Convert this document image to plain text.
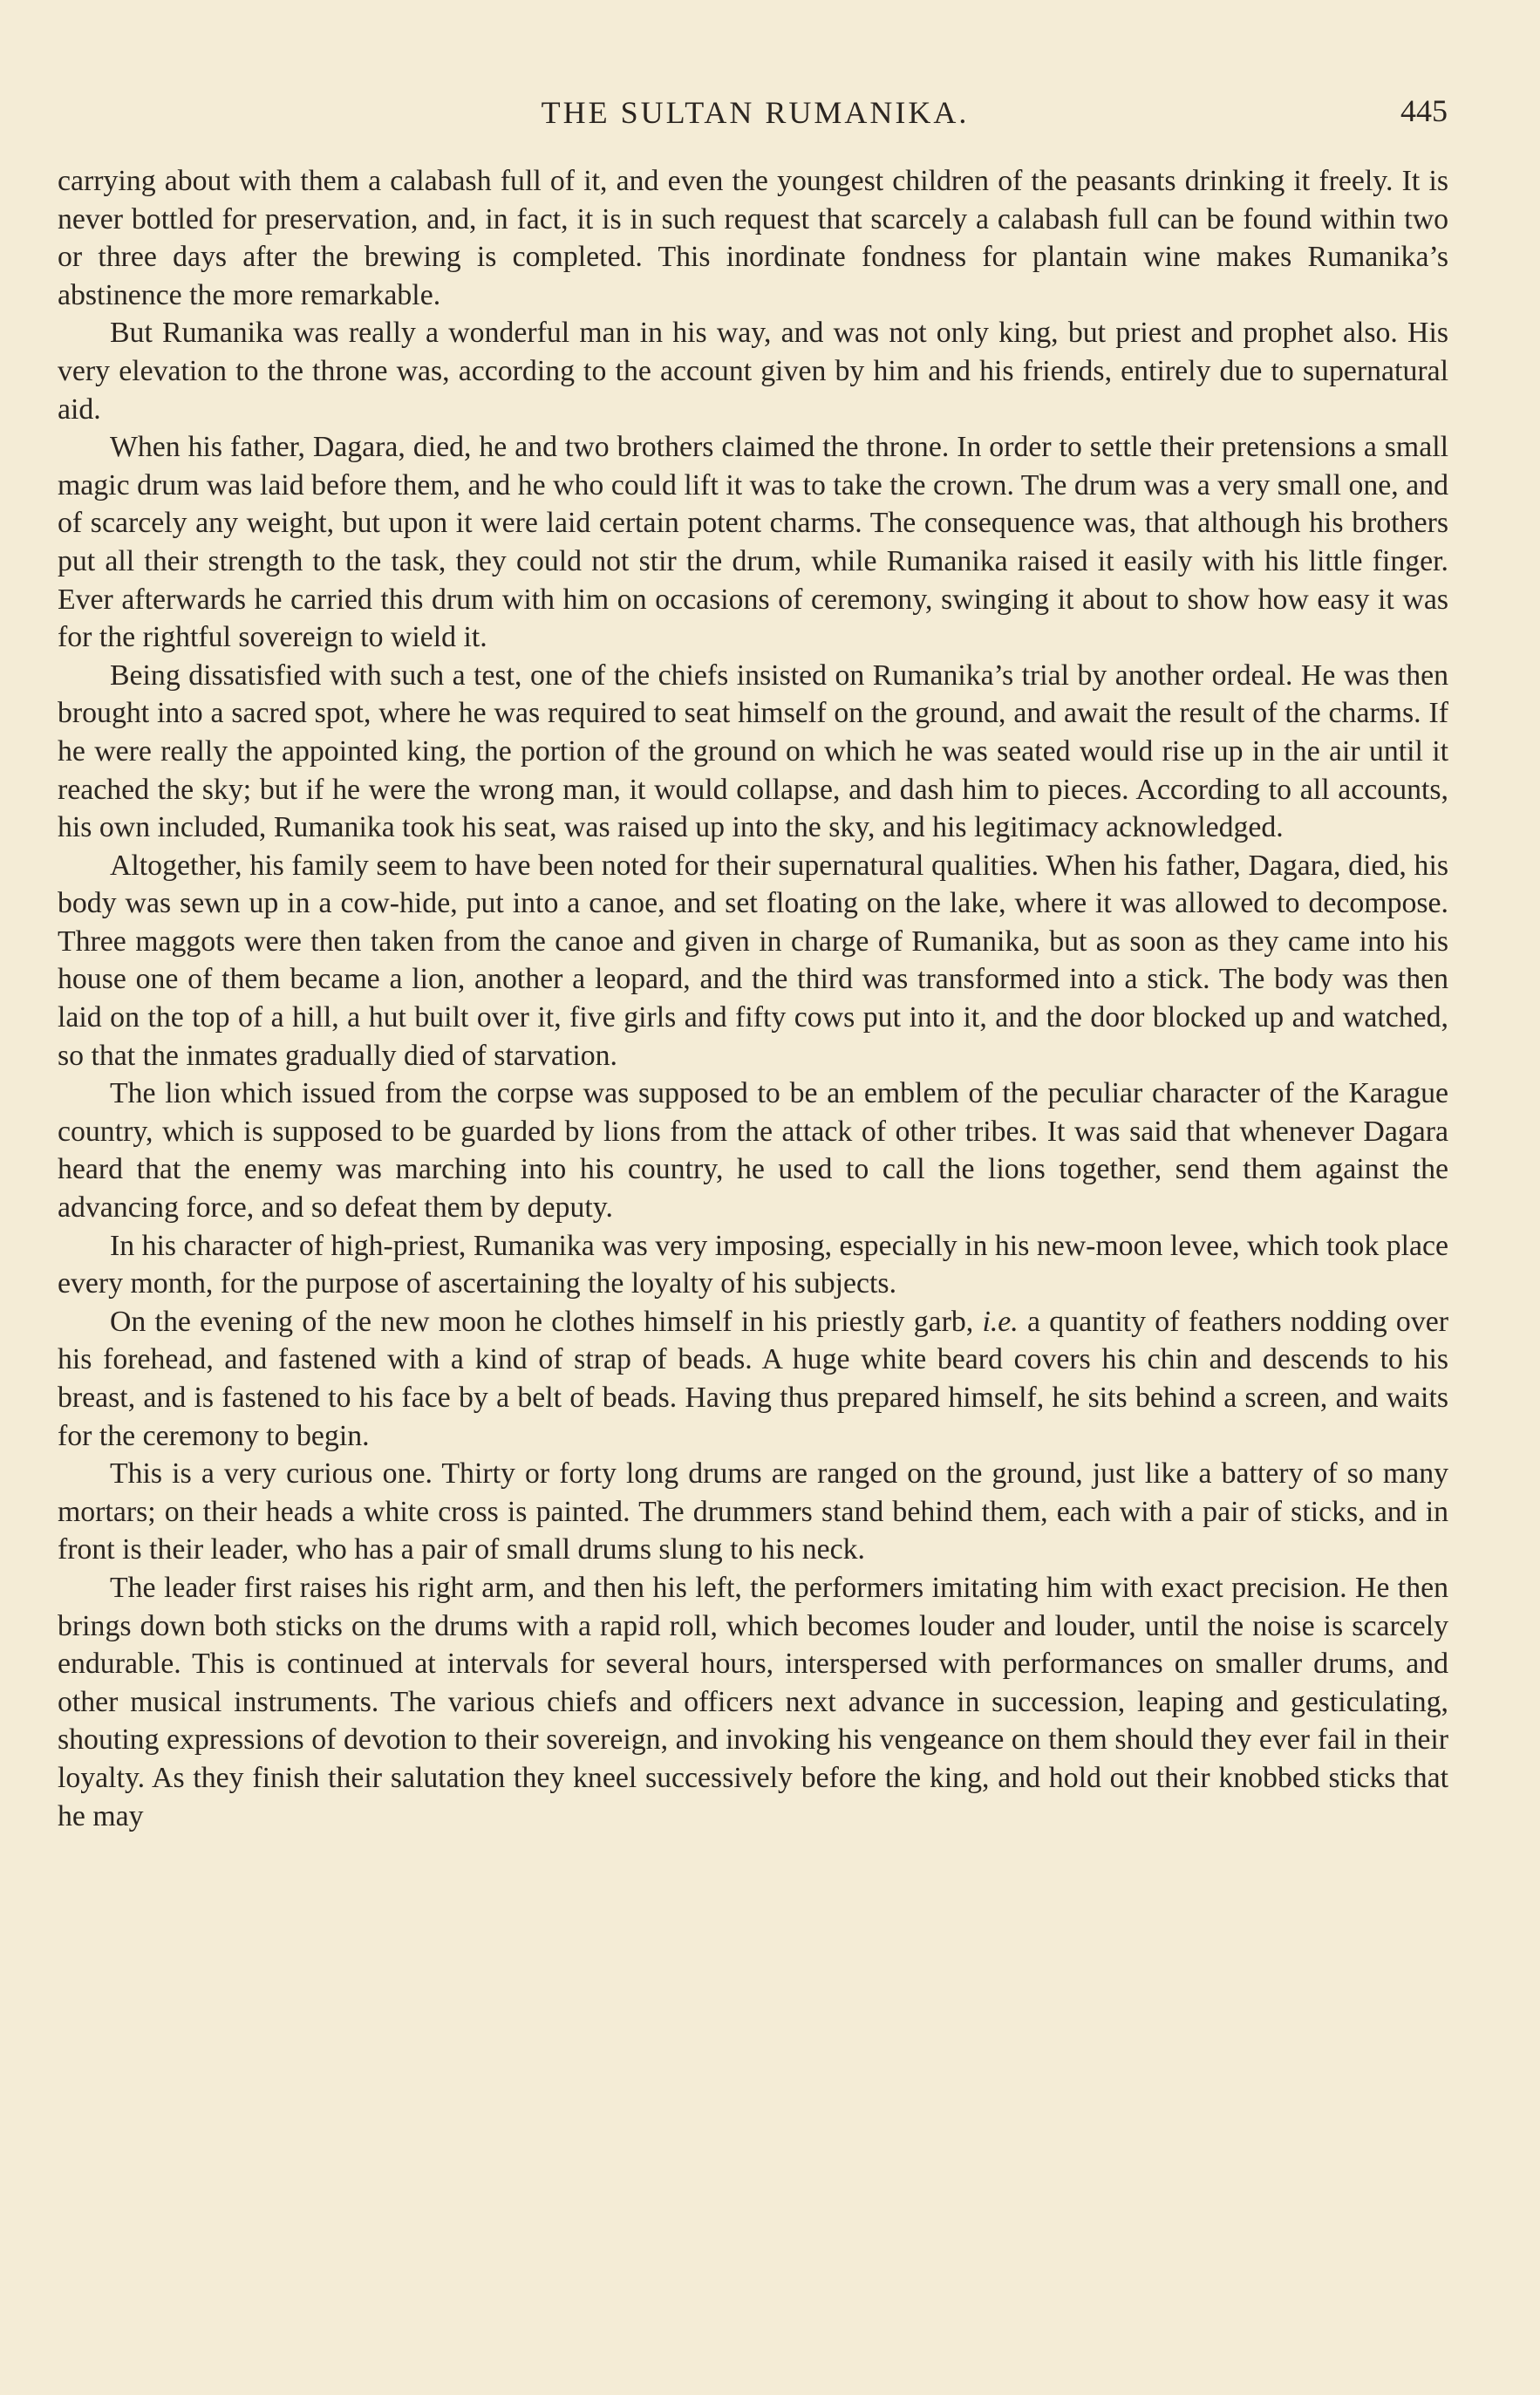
THE SULTAN RUMANIKA.	445

carrying about with them a calabash full of it, and even the youngest children of the peasants drinking it freely. It is never bottled for preservation, and, in fact, it is in such request that scarcely a calabash full can be found within two or three days after the brewing is completed. This inordinate fondness for plantain wine makes Rumanika’s abstinence the more remarkable.

But Rumanika was really a wonderful man in his way, and was not only king, but priest and prophet also. His very elevation to the throne was, according to the account given by him and his friends, entirely due to supernatural aid.

When his father, Dagara, died, he and two brothers claimed the throne. In order to settle their pretensions a small magic drum was laid before them, and he who could lift it was to take the crown. The drum was a very small one, and of scarcely any weight, but upon it were laid certain potent charms. The consequence was, that although his brothers put all their strength to the task, they could not stir the drum, while Rumanika raised it easily with his little finger. Ever afterwards he carried this drum with him on occasions of ceremony, swinging it about to show how easy it was for the rightful sovereign to wield it.

Being dissatisfied with such a test, one of the chiefs insisted on Rumanika’s trial by another ordeal. He was then brought into a sacred spot, where he was required to seat himself on the ground, and await the result of the charms. If he were really the appointed king, the portion of the ground on which he was seated would rise up in the air until it reached the sky; but if he were the wrong man, it would collapse, and dash him to pieces. According to all accounts, his own included, Rumanika took his seat, was raised up into the sky, and his legitimacy acknowledged.

Altogether, his family seem to have been noted for their supernatural qualities. When his father, Dagara, died, his body was sewn up in a cow-hide, put into a canoe, and set floating on the lake, where it was allowed to decompose. Three maggots were then taken from the canoe and given in charge of Rumanika, but as soon as they came into his house one of them became a lion, another a leopard, and the third was transformed into a stick. The body was then laid on the top of a hill, a hut built over it, five girls and fifty cows put into it, and the door blocked up and watched, so that the inmates gradually died of starvation.

The lion which issued from the corpse was supposed to be an emblem of the peculiar character of the Karague country, which is supposed to be guarded by lions from the attack of other tribes. It was said that whenever Dagara heard that the enemy was marching into his country, he used to call the lions together, send them against the advancing force, and so defeat them by deputy.

In his character of high-priest, Rumanika was very imposing, especially in his new-moon levee, which took place every month, for the purpose of ascertaining the loyalty of his subjects.

On the evening of the new moon he clothes himself in his priestly garb, i.e. a quantity of feathers nodding over his forehead, and fastened with a kind of strap of beads. A huge white beard covers his chin and descends to his breast, and is fastened to his face by a belt of beads. Having thus prepared himself, he sits behind a screen, and waits for the ceremony to begin.

This is a very curious one. Thirty or forty long drums are ranged on the ground, just like a battery of so many mortars; on their heads a white cross is painted. The drummers stand behind them, each with a pair of sticks, and in front is their leader, who has a pair of small drums slung to his neck.

The leader first raises his right arm, and then his left, the performers imitating him with exact precision. He then brings down both sticks on the drums with a rapid roll, which becomes louder and louder, until the noise is scarcely endurable. This is continued at intervals for several hours, interspersed with performances on smaller drums, and other musical instruments. The various chiefs and officers next advance in succession, leaping and gesticulating, shouting expressions of devotion to their sovereign, and invoking his vengeance on them should they ever fail in their loyalty. As they finish their salutation they kneel successively before the king, and hold out their knobbed sticks that he may
